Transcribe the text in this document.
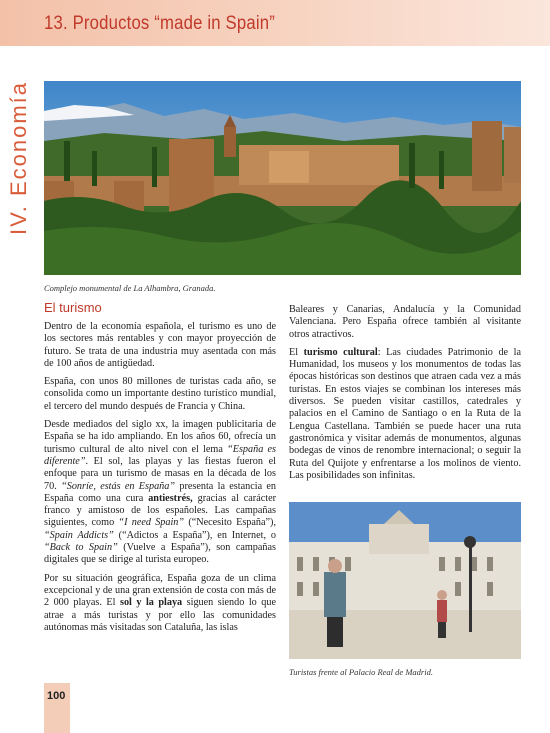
13. Productos “made in Spain”
IV. Economía
Complejo monumental de La Alhambra, Granada.
El turismo

Dentro de la economía española, el turismo es uno de los sectores más rentables y con mayor proyección de futuro. Se trata de una industria muy asentada con más de 100 años de antigüedad.

España, con unos 80 millones de turistas cada año, se consolida como un importante destino turístico mundial, el tercero del mundo después de Francia y China.

Desde mediados del siglo xx, la imagen publicitaria de España se ha ido ampliando. En los años 60, ofrecía un turismo cultural de alto nivel con el lema “España es diferente”. El sol, las playas y las fiestas fueron el enfoque para un turismo de masas en la década de los 70. “Sonríe, estás en España” presenta la estancia en España como una cura antiestrés, gracias al carácter franco y amistoso de los españoles. Las campañas siguientes, como “I need Spain” (“Necesito España”), “Spain Addicts” (“Adictos a España”), en Internet, o “Back to Spain” (Vuelve a España”), son campañas digitales que se dirige al turista europeo.

Por su situación geográfica, España goza de un clima excepcional y de una gran extensión de costa con más de 2 000 playas. El sol y la playa siguen siendo lo que atrae a más turistas y por ello las comunidades autónomas más visitadas son Cataluña, las islas

Baleares y Canarias, Andalucía y la Comunidad Valenciana. Pero España ofrece también al visitante otros atractivos.

El turismo cultural: Las ciudades Patrimonio de la Humanidad, los museos y los monumentos de todas las épocas históricas son destinos que atraen cada vez a más turistas. En estos viajes se combinan los intereses más diversos. Se pueden visitar castillos, catedrales y palacios en el Camino de Santiago o en la Ruta de la Lengua Castellana. También se puede hacer una ruta gastronómica y visitar además de monumentos, algunas bodegas de vinos de renombre internacional; o seguir la Ruta del Quijote y enfrentarse a los molinos de viento. Las posibilidades son infinitas.

Turistas frente al Palacio Real de Madrid.
100
